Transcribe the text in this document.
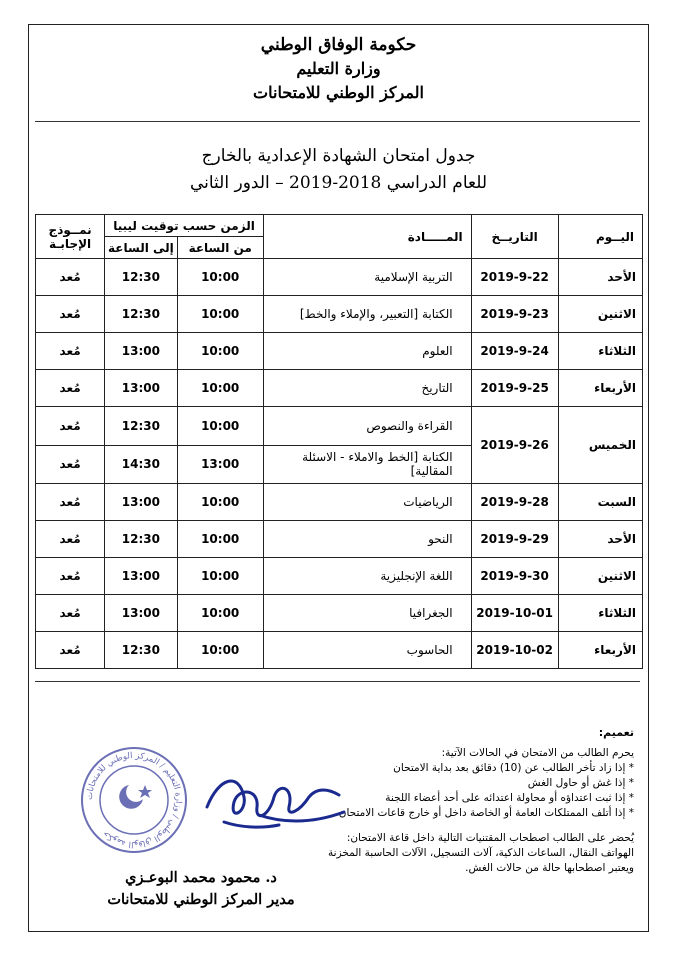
حكومة الوفاق الوطني
وزارة التعليم
المركز الوطني للامتحانات
جدول امتحان الشهادة الإعدادية بالخارج
للعام الدراسي 2018-2019 – الدور الثاني
اليــوم	التاريــخ	المـــــادة	الزمن حسب توقيت ليبيا		نمــوذج الإجابـة
			من الساعة	إلى الساعة	
الأحد	2019-9-22	التربية الإسلامية	10:00	12:30	مُعد
الاثنين	2019-9-23	الكتابة [التعبير، والإملاء والخط]	10:00	12:30	مُعد
الثلاثاء	2019-9-24	العلوم	10:00	13:00	مُعد
الأربعاء	2019-9-25	التاريخ	10:00	13:00	مُعد
الخميس	2019-9-26	القراءة والنصوص	10:00	12:30	مُعد
		الكتابة [الخط والاملاء - الاسئلة المقالية]	13:00	14:30	مُعد
السبت	2019-9-28	الرياضيات	10:00	13:00	مُعد
الأحد	2019-9-29	النحو	10:00	12:30	مُعد
الاثنين	2019-9-30	اللغة الإنجليزية	10:00	13:00	مُعد
الثلاثاء	2019-10-01	الجغرافيا	10:00	13:00	مُعد
الأربعاء	2019-10-02	الحاسوب	10:00	12:30	مُعد
تعميم:
يحرم الطالب من الامتحان في الحالات الآتية:
* إذا زاد تأخر الطالب عن (10) دقائق بعد بداية الامتحان
* إذا غش أو حاول الغش
* إذا ثبت اعتداؤه أو محاولة اعتدائه على أحد أعضاء اللجنة
* إذا أتلف الممتلكات العامة أو الخاصة داخل أو خارج قاعات الامتحان
يُحضر على الطالب اصطحاب المقتنيات التالية داخل قاعة الامتحان:
الهواتف النقال، الساعات الذكية، آلات التسجيل، الآلات الحاسبة المخزنة
ويعتبر اصطحابها حالة من حالات الغش.
حكومة الوفاق الوطني / وزارة التعليم / المركز الوطني للامتحانات
د. محمود محمد البوعـزي
مدير المركز الوطني للامتحانات
